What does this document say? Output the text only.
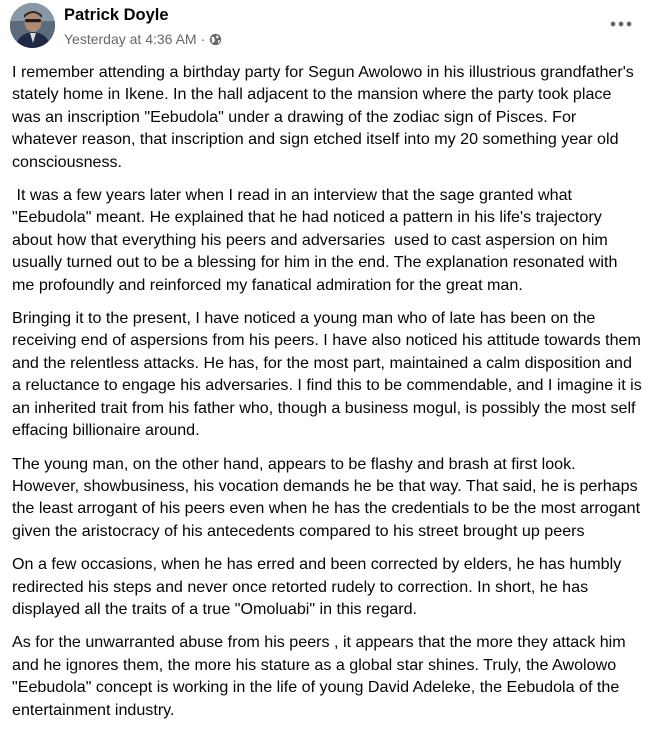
Patrick Doyle
Yesterday at 4:36 AM ·

I remember attending a birthday party for Segun Awolowo in his illustrious grandfather's stately home in Ikene. In the hall adjacent to the mansion where the party took place was an inscription "Eebudola" under a drawing of the zodiac sign of Pisces. For whatever reason, that inscription and sign etched itself into my 20 something year old consciousness.

It was a few years later when I read in an interview that the sage granted what "Eebudola" meant. He explained that he had noticed a pattern in his life's trajectory about how that everything his peers and adversaries  used to cast aspersion on him usually turned out to be a blessing for him in the end. The explanation resonated with me profoundly and reinforced my fanatical admiration for the great man.

Bringing it to the present, I have noticed a young man who of late has been on the receiving end of aspersions from his peers. I have also noticed his attitude towards them and the relentless attacks. He has, for the most part, maintained a calm disposition and a reluctance to engage his adversaries. I find this to be commendable, and I imagine it is an inherited trait from his father who, though a business mogul, is possibly the most self effacing billionaire around.

The young man, on the other hand, appears to be flashy and brash at first look. However, showbusiness, his vocation demands he be that way. That said, he is perhaps the least arrogant of his peers even when he has the credentials to be the most arrogant given the aristocracy of his antecedents compared to his street brought up peers

On a few occasions, when he has erred and been corrected by elders, he has humbly redirected his steps and never once retorted rudely to correction. In short, he has displayed all the traits of a true "Omoluabi" in this regard.

As for the unwarranted abuse from his peers , it appears that the more they attack him and he ignores them, the more his stature as a global star shines. Truly, the Awolowo "Eebudola" concept is working in the life of young David Adeleke, the Eebudola of the entertainment industry.
